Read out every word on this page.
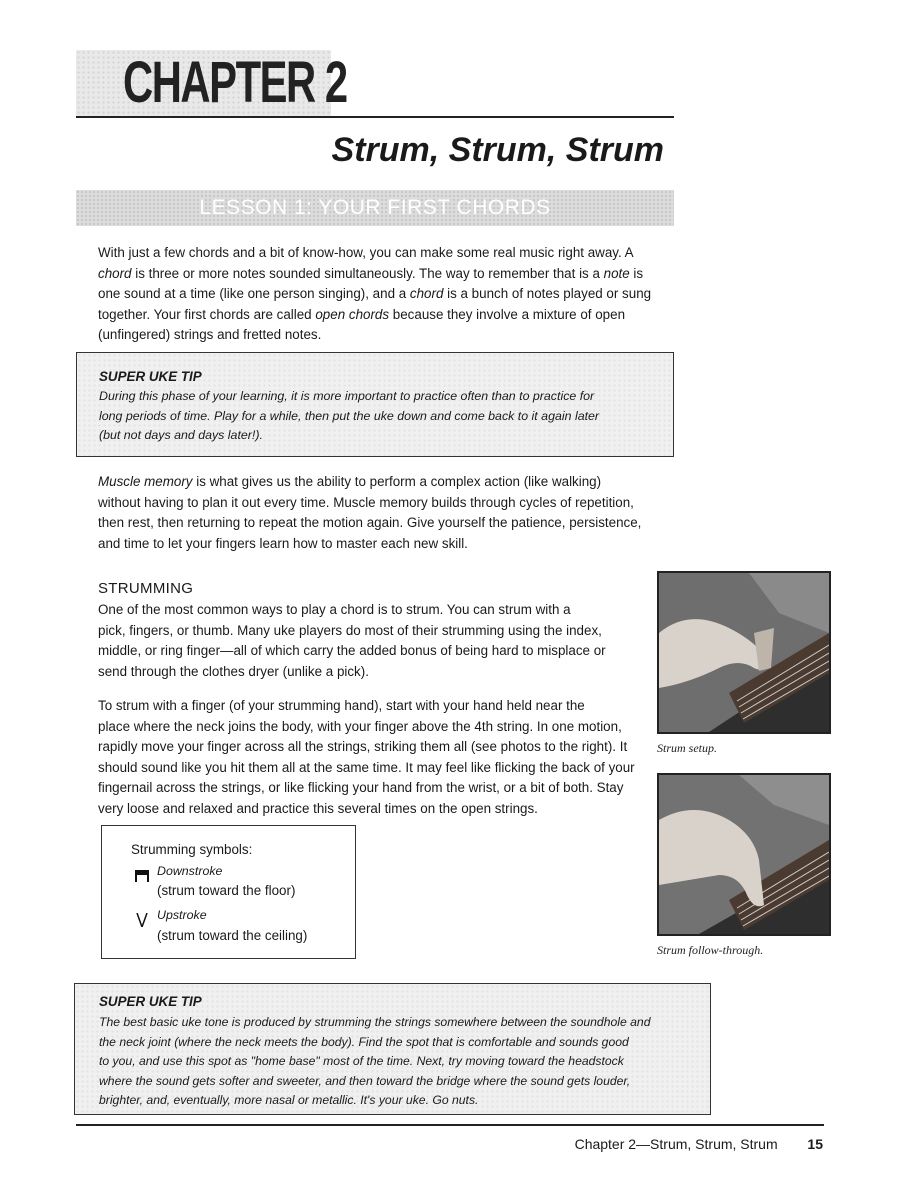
CHAPTER 2
Strum, Strum, Strum
LESSON 1: YOUR FIRST CHORDS
With just a few chords and a bit of know-how, you can make some real music right away. A
chord is three or more notes sounded simultaneously. The way to remember that is a note is
one sound at a time (like one person singing), and a chord is a bunch of notes played or sung
together. Your first chords are called open chords because they involve a mixture of open
(unfingered) strings and fretted notes.
SUPER UKE TIP
During this phase of your learning, it is more important to practice often than to practice for
long periods of time. Play for a while, then put the uke down and come back to it again later
(but not days and days later!).
Muscle memory is what gives us the ability to perform a complex action (like walking)
without having to plan it out every time. Muscle memory builds through cycles of repetition,
then rest, then returning to repeat the motion again. Give yourself the patience, persistence,
and time to let your fingers learn how to master each new skill.
STRUMMING
One of the most common ways to play a chord is to strum. You can strum with a
pick, fingers, or thumb. Many uke players do most of their strumming using the index,
middle, or ring finger—all of which carry the added bonus of being hard to misplace or
send through the clothes dryer (unlike a pick).
To strum with a finger (of your strumming hand), start with your hand held near the
place where the neck joins the body, with your finger above the 4th string. In one motion,
rapidly move your finger across all the strings, striking them all (see photos to the right). It
should sound like you hit them all at the same time. It may feel like flicking the back of your
fingernail across the strings, or like flicking your hand from the wrist, or a bit of both. Stay
very loose and relaxed and practice this several times on the open strings.
Strum setup.
Strum follow-through.
Strumming symbols:
Downstroke
(strum toward the floor)
Upstroke
(strum toward the ceiling)
SUPER UKE TIP
The best basic uke tone is produced by strumming the strings somewhere between the soundhole and
the neck joint (where the neck meets the body). Find the spot that is comfortable and sounds good
to you, and use this spot as "home base" most of the time. Next, try moving toward the headstock
where the sound gets softer and sweeter, and then toward the bridge where the sound gets louder,
brighter, and, eventually, more nasal or metallic. It's your uke. Go nuts.
Chapter 2—Strum, Strum, Strum 15
